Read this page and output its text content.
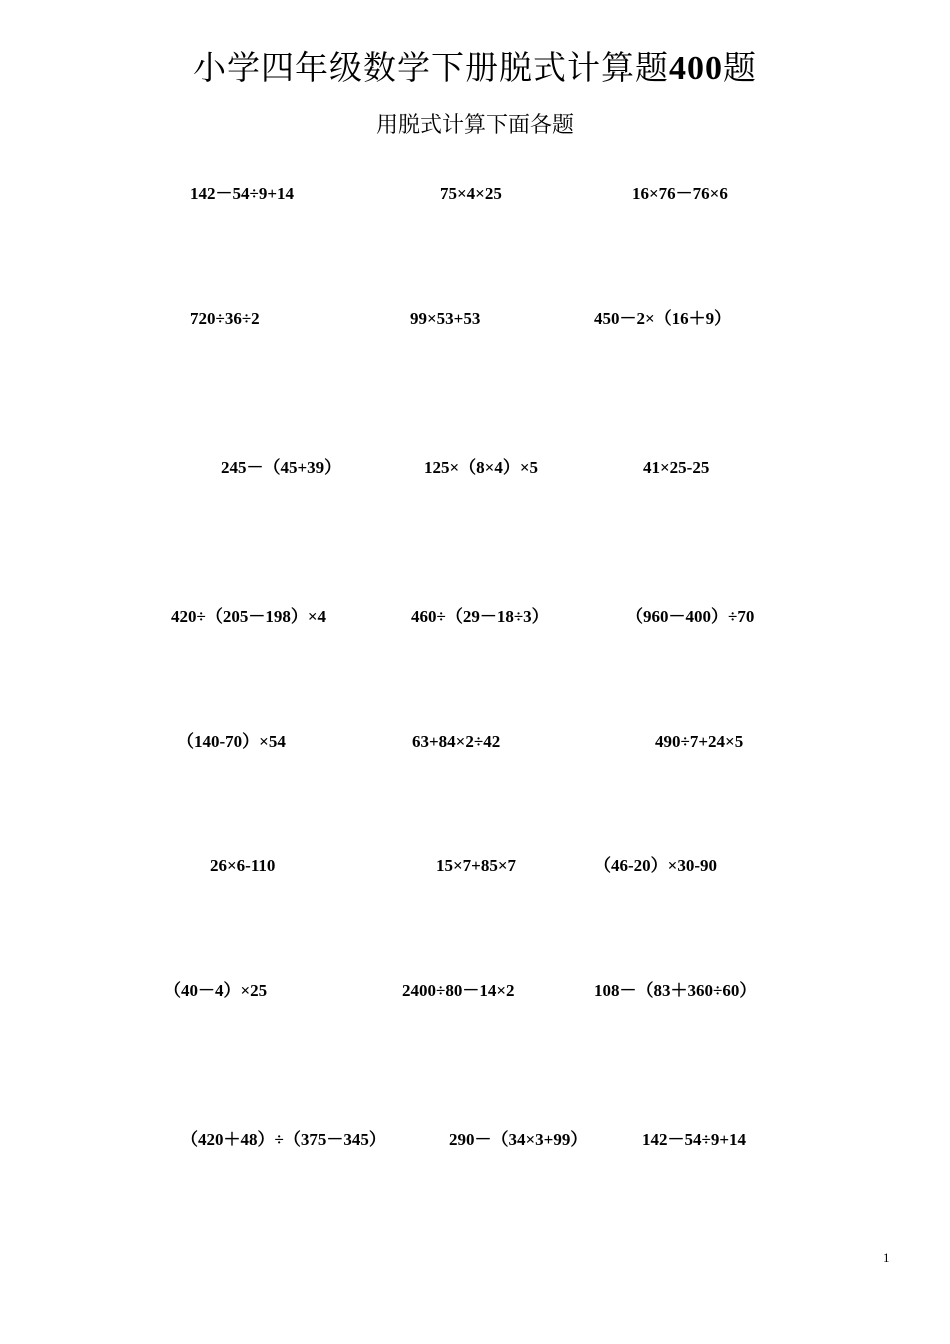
小学四年级数学下册脱式计算题400题
用脱式计算下面各题
142－54÷9+14	75×4×25	16×76－76×6
720÷36÷2	99×53+53	450－2×（16＋9）
245－（45+39）	125×（8×4）×5	41×25-25
420÷（205－198）×4	460÷（29－18÷3）	（960－400）÷70
（140-70）×54	63+84×2÷42	490÷7+24×5
26×6-110	15×7+85×7	（46-20）×30-90
（40－4）×25	2400÷80－14×2	108－（83＋360÷60）
（420＋48）÷（375－345）	290－（34×3+99）	142－54÷9+14
1
